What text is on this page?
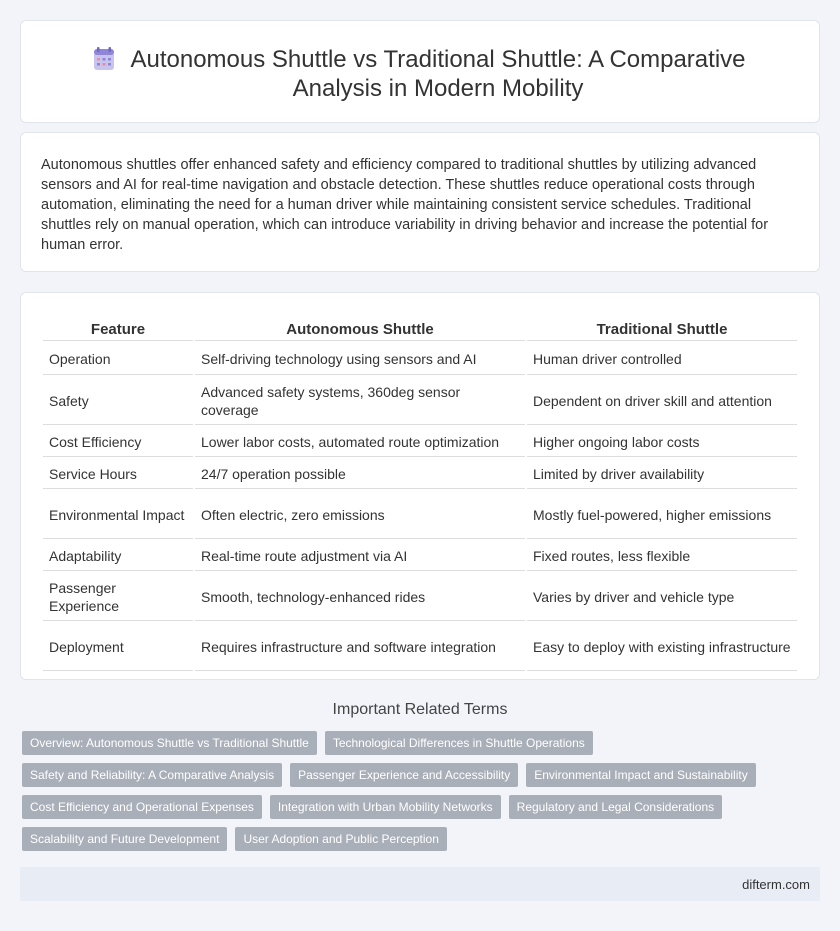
Autonomous Shuttle vs Traditional Shuttle: A Comparative Analysis in Modern Mobility

Autonomous shuttles offer enhanced safety and efficiency compared to traditional shuttles by utilizing advanced sensors and AI for real-time navigation and obstacle detection. These shuttles reduce operational costs through automation, eliminating the need for a human driver while maintaining consistent service schedules. Traditional shuttles rely on manual operation, which can introduce variability in driving behavior and increase the potential for human error.

Feature	Autonomous Shuttle	Traditional Shuttle
Operation	Self-driving technology using sensors and AI	Human driver controlled
Safety	Advanced safety systems, 360deg sensor coverage	Dependent on driver skill and attention
Cost Efficiency	Lower labor costs, automated route optimization	Higher ongoing labor costs
Service Hours	24/7 operation possible	Limited by driver availability
Environmental Impact	Often electric, zero emissions	Mostly fuel-powered, higher emissions
Adaptability	Real-time route adjustment via AI	Fixed routes, less flexible
Passenger Experience	Smooth, technology-enhanced rides	Varies by driver and vehicle type
Deployment	Requires infrastructure and software integration	Easy to deploy with existing infrastructure
Important Related Terms
Overview: Autonomous Shuttle vs Traditional Shuttle	Technological Differences in Shuttle Operations
Safety and Reliability: A Comparative Analysis	Passenger Experience and Accessibility	Environmental Impact and Sustainability
Cost Efficiency and Operational Expenses	Integration with Urban Mobility Networks	Regulatory and Legal Considerations
Scalability and Future Development	User Adoption and Public Perception
difterm.com
